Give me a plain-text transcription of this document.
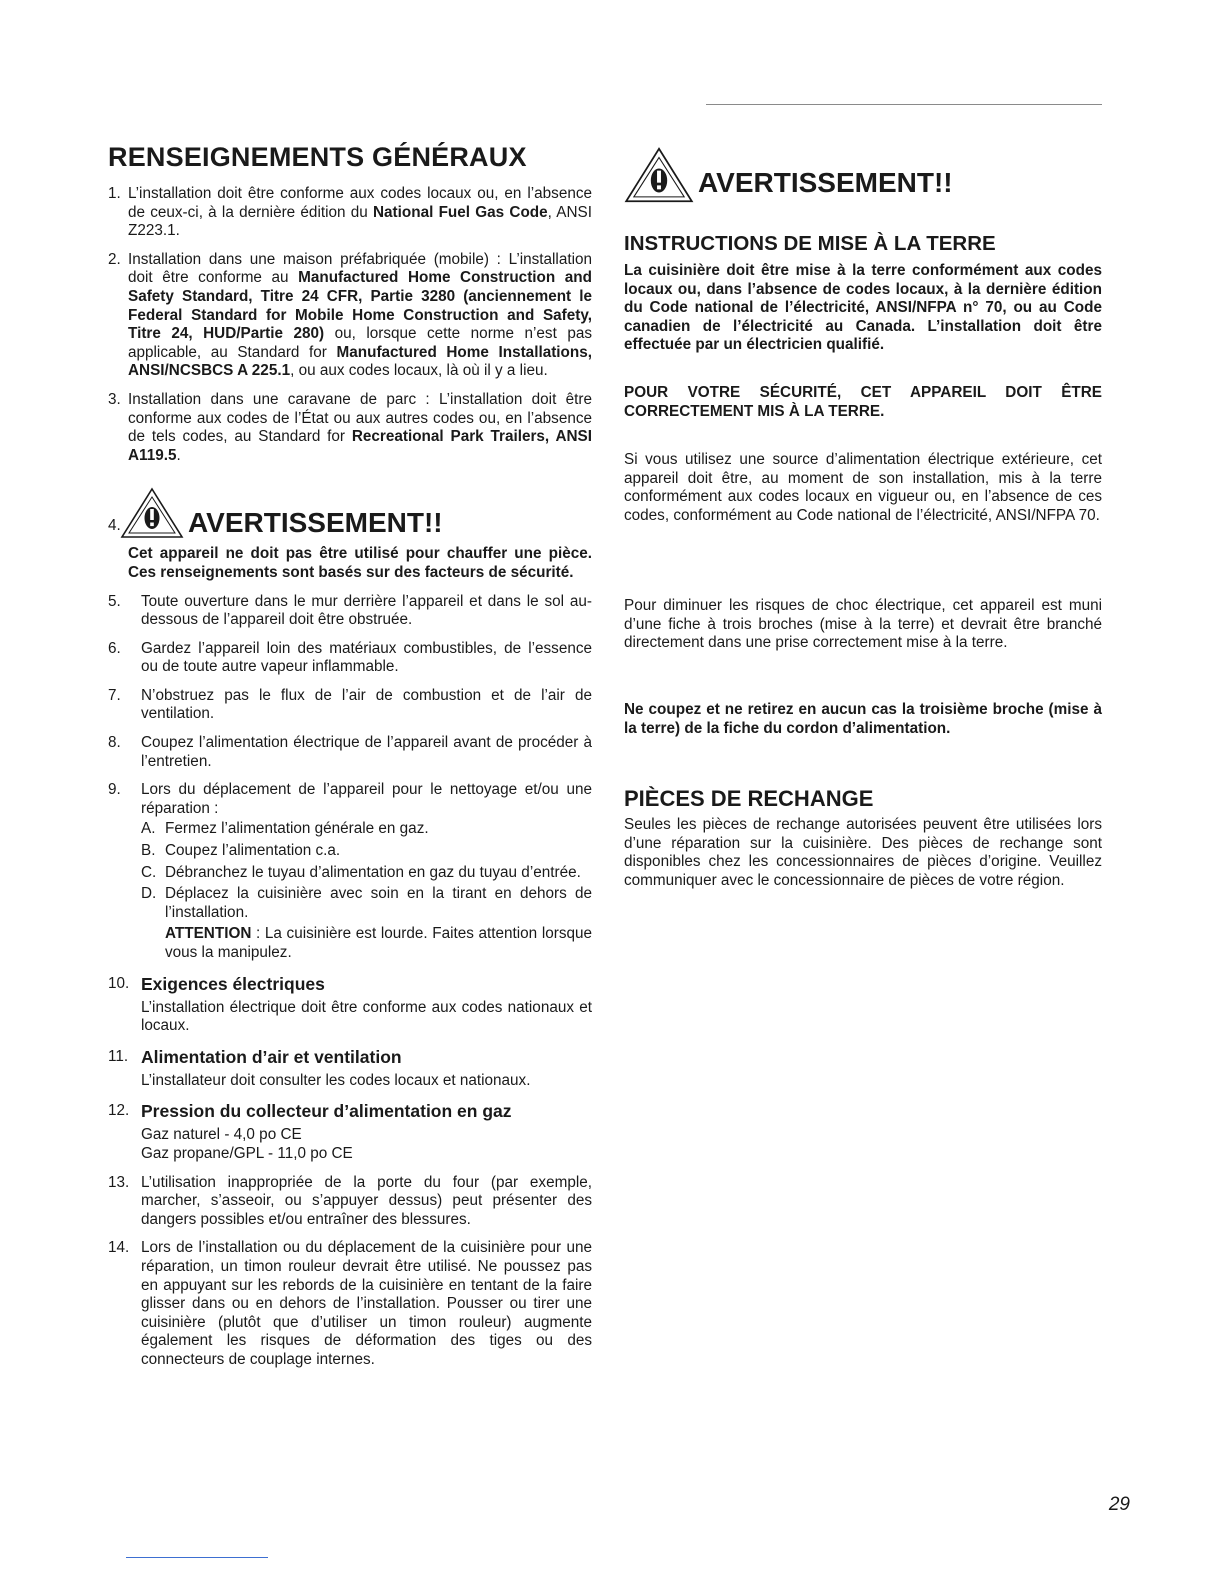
RENSEIGNEMENTS GÉNÉRAUX
1. L’installation doit être conforme aux codes locaux ou, en l’absence de ceux-ci, à la dernière édition du National Fuel Gas Code, ANSI Z223.1.
2. Installation dans une maison préfabriquée (mobile) : L’installation doit être conforme au Manufactured Home Construction and Safety Standard, Titre 24 CFR, Partie 3280 (anciennement le Federal Standard for Mobile Home Construction and Safety, Titre 24, HUD/Partie 280) ou, lorsque cette norme n’est pas applicable, au Standard for Manufactured Home Installations, ANSI/NCSBCS A 225.1, ou aux codes locaux, là où il y a lieu.
3. Installation dans une caravane de parc : L’installation doit être conforme aux codes de l’État ou aux autres codes ou, en l’absence de tels codes, au Standard for Recreational Park Trailers, ANSI A119.5.
4. AVERTISSEMENT!!
Cet appareil ne doit pas être utilisé pour chauffer une pièce. Ces renseignements sont basés sur des facteurs de sécurité.
5. Toute ouverture dans le mur derrière l’appareil et dans le sol au-dessous de l’appareil doit être obstruée.
6. Gardez l’appareil loin des matériaux combustibles, de l’essence ou de toute autre vapeur inflammable.
7. N’obstruez pas le flux de l’air de combustion et de l’air de ventilation.
8. Coupez l’alimentation électrique de l’appareil avant de procéder à l’entretien.
9. Lors du déplacement de l’appareil pour le nettoyage et/ou une réparation :
A. Fermez l’alimentation générale en gaz.
B. Coupez l’alimentation c.a.
C. Débranchez le tuyau d’alimentation en gaz du tuyau d’entrée.
D. Déplacez la cuisinière avec soin en la tirant en dehors de l’installation.
ATTENTION : La cuisinière est lourde. Faites attention lorsque vous la manipulez.
10. Exigences électriques
L’installation électrique doit être conforme aux codes nationaux et locaux.
11. Alimentation d’air et ventilation
L’installateur doit consulter les codes locaux et nationaux.
12. Pression du collecteur d’alimentation en gaz
Gaz naturel - 4,0 po CE
Gaz propane/GPL - 11,0 po CE
13. L’utilisation inappropriée de la porte du four (par exemple, marcher, s’asseoir, ou s’appuyer dessus) peut présenter des dangers possibles et/ou entraîner des blessures.
14. Lors de l’installation ou du déplacement de la cuisinière pour une réparation, un timon rouleur devrait être utilisé. Ne poussez pas en appuyant sur les rebords de la cuisinière en tentant de la faire glisser dans ou en dehors de l’installation. Pousser ou tirer une cuisinière (plutôt que d’utiliser un timon rouleur) augmente également les risques de déformation des tiges ou des connecteurs de couplage internes.
AVERTISSEMENT!!
INSTRUCTIONS DE MISE À LA TERRE

La cuisinière doit être mise à la terre conformément aux codes locaux ou, dans l’absence de codes locaux, à la dernière édition du Code national de l’électricité, ANSI/NFPA n° 70, ou au Code canadien de l’électricité au Canada. L’installation doit être effectuée par un électricien qualifié.

POUR VOTRE SÉCURITÉ, CET APPAREIL DOIT ÊTRE CORRECTEMENT MIS À LA TERRE.

Si vous utilisez une source d’alimentation électrique extérieure, cet appareil doit être, au moment de son installation, mis à la terre conformément aux codes locaux en vigueur ou, en l’absence de ces codes, conformément au Code national de l’électricité, ANSI/NFPA 70.

Pour diminuer les risques de choc électrique, cet appareil est muni d’une fiche à trois broches (mise à la terre) et devrait être branché directement dans une prise correctement mise à la terre.

Ne coupez et ne retirez en aucun cas la troisième broche (mise à la terre) de la fiche du cordon d’alimentation.

PIÈCES DE RECHANGE

Seules les pièces de rechange autorisées peuvent être utilisées lors d’une réparation sur la cuisinière. Des pièces de rechange sont disponibles chez les concessionnaires de pièces d’origine. Veuillez communiquer avec le concessionnaire de pièces de votre région.

29
